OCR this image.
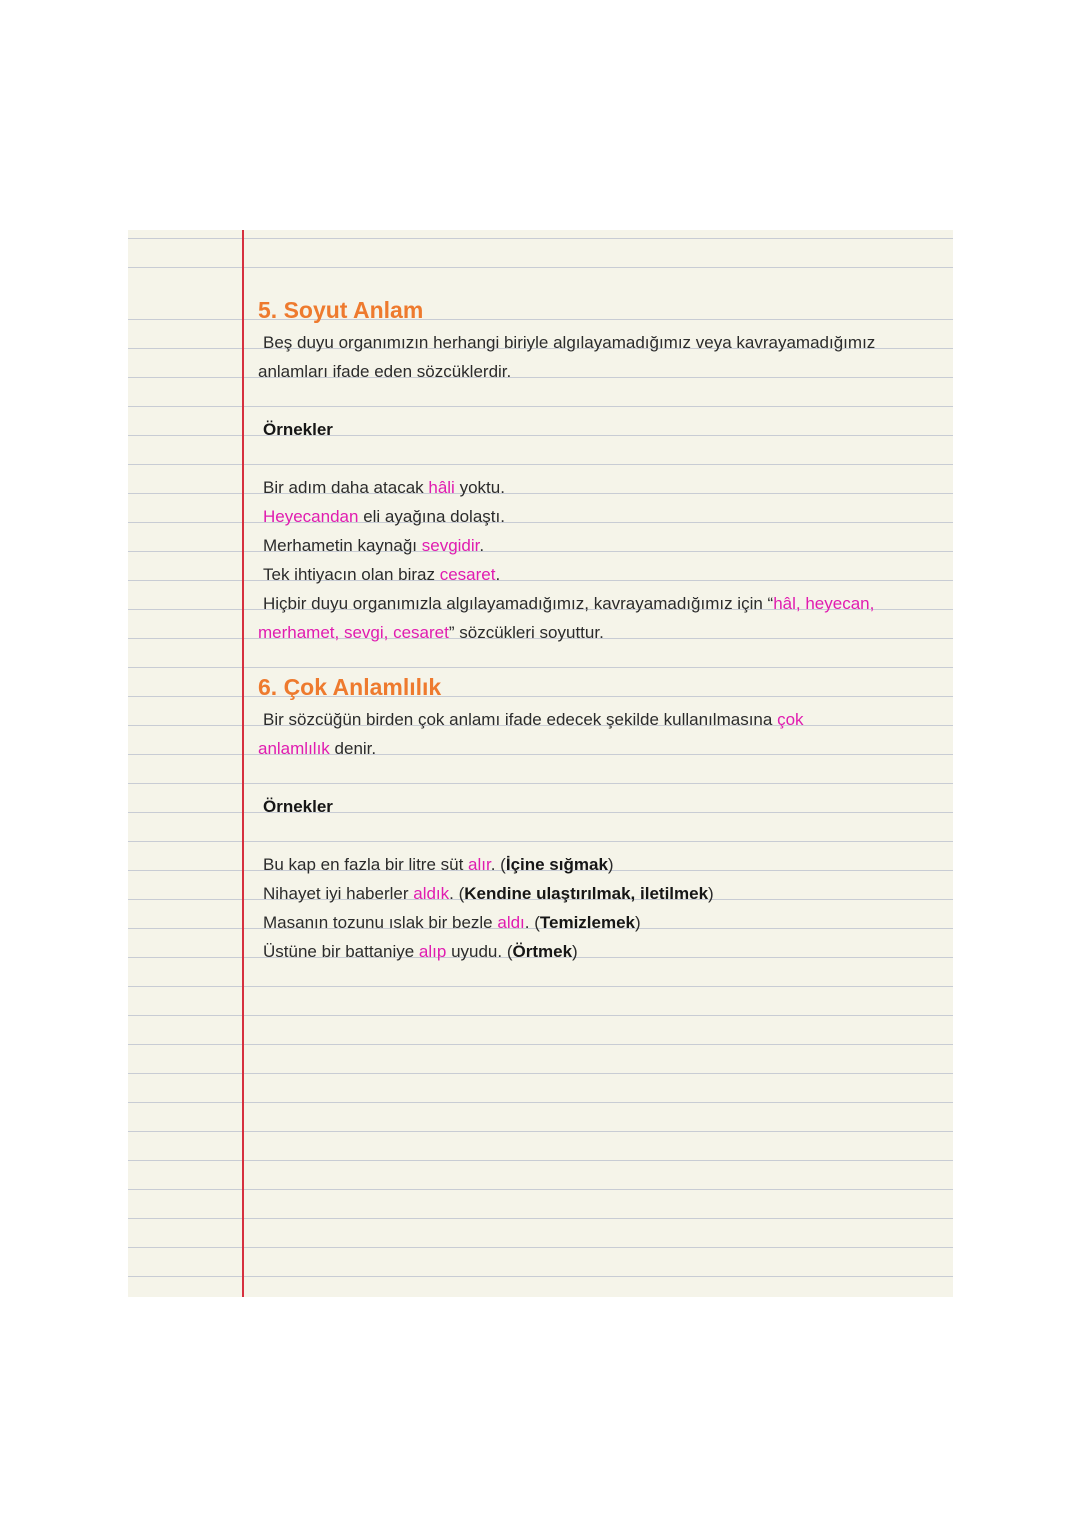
5. Soyut Anlam
Beş duyu organımızın herhangi biriyle algılayamadığımız veya kavrayamadığımız
anlamları ifade eden sözcüklerdir.
Örnekler
Bir adım daha atacak hâli yoktu.
Heyecandan eli ayağına dolaştı.
Merhametin kaynağı sevgidir.
Tek ihtiyacın olan biraz cesaret.
Hiçbir duyu organımızla algılayamadığımız, kavrayamadığımız için “hâl, heyecan,
merhamet, sevgi, cesaret” sözcükleri soyuttur.
6. Çok Anlamlılık
Bir sözcüğün birden çok anlamı ifade edecek şekilde kullanılmasına çok
anlamlılık denir.
Örnekler
Bu kap en fazla bir litre süt alır. (İçine sığmak)
Nihayet iyi haberler aldık. (Kendine ulaştırılmak, iletilmek)
Masanın tozunu ıslak bir bezle aldı. (Temizlemek)
Üstüne bir battaniye alıp uyudu. (Örtmek)
